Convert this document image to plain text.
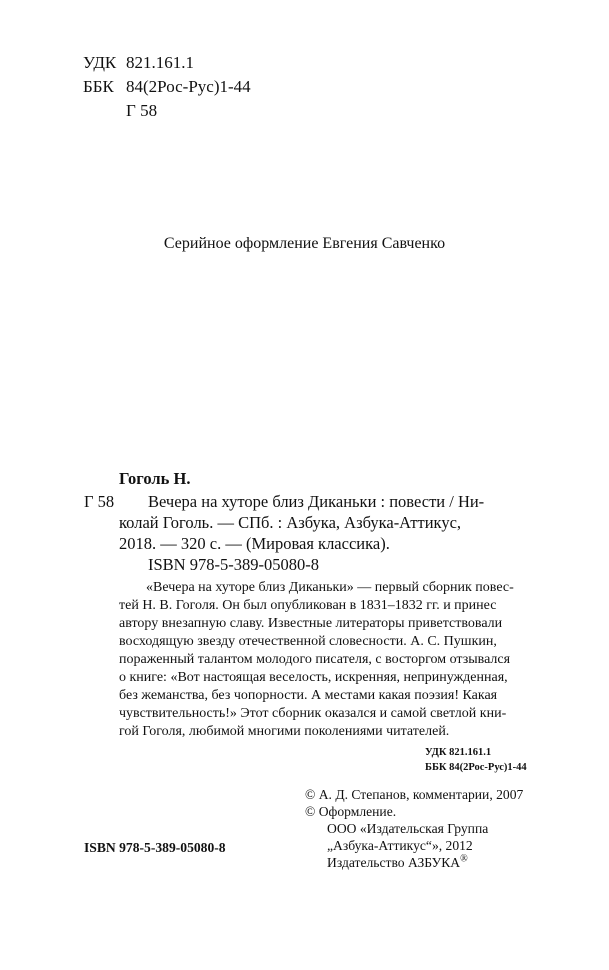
УДК 821.161.1
ББК 84(2Рос-Рус)1-44
Г 58
Серийное оформление Евгения Савченко
Гоголь Н.
Г 58 Вечера на хуторе близ Диканьки : повести / Ни-
колай Гоголь. — СПб. : Азбука, Азбука-Аттикус,
2018. — 320 с. — (Мировая классика).
ISBN 978-5-389-05080-8
«Вечера на хуторе близ Диканьки» — первый сборник повес-
тей Н. В. Гоголя. Он был опубликован в 1831–1832 гг. и принес
автору внезапную славу. Известные литераторы приветствовали
восходящую звезду отечественной словесности. А. С. Пушкин,
пораженный талантом молодого писателя, с восторгом отзывался
о книге: «Вот настоящая веселость, искренняя, непринужденная,
без жеманства, без чопорности. А местами какая поэзия! Какая
чувствительность!» Этот сборник оказался и самой светлой кни-
гой Гоголя, любимой многими поколениями читателей.
УДК 821.161.1
ББК 84(2Рос-Рус)1-44
© А. Д. Степанов, комментарии, 2007
© Оформление.
ООО «Издательская Группа
„Азбука-Аттикус“», 2012
Издательство АЗБУКА®
ISBN 978-5-389-05080-8
